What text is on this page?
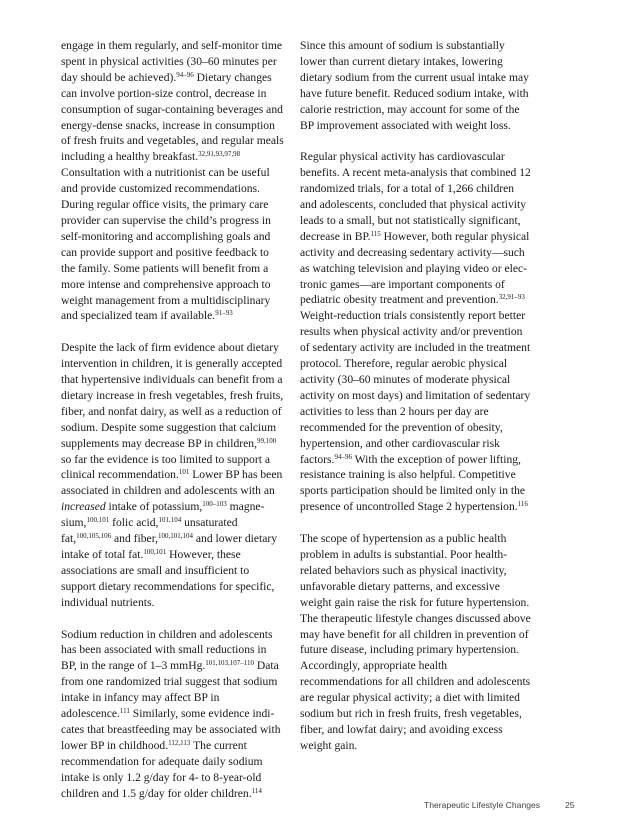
engage in them regularly, and self-monitor time spent in physical activities (30–60 minutes per day should be achieved).$^{94-96}$ Dietary changes can involve portion-size control, decrease in consumption of sugar-containing beverages and energy-dense snacks, increase in consumption of fresh fruits and vegetables, and regular meals including a healthy breakfast.$^{32,91,93,97,98}$ Consultation with a nutritionist can be useful and provide customized recommendations. During regular office visits, the primary care provider can supervise the child’s progress in self-monitoring and accomplishing goals and can provide support and positive feedback to the family. Some patients will benefit from a more intense and comprehensive approach to weight management from a multidisciplinary and specialized team if available.$^{91-93}$

Despite the lack of firm evidence about dietary intervention in children, it is generally accepted that hypertensive individuals can benefit from a dietary increase in fresh vegetables, fresh fruits, fiber, and nonfat dairy, as well as a reduction of sodium. Despite some suggestion that calcium supplements may decrease BP in children,$^{99,100}$ so far the evidence is too limited to support a clinical recommendation.$^{101}$ Lower BP has been associated in children and adolescents with an increased intake of potassium,$^{100-103}$ magnesium,$^{100,101}$ folic acid,$^{101,104}$ unsaturated fat,$^{100,105,106}$ and fiber,$^{100,101,104}$ and lower dietary intake of total fat.$^{100,101}$ However, these associations are small and insufficient to support dietary recommendations for specific, individual nutrients.

Sodium reduction in children and adolescents has been associated with small reductions in BP, in the range of 1–3 mmHg.$^{101,103,107-110}$ Data from one randomized trial suggest that sodium intake in infancy may affect BP in adolescence.$^{111}$ Similarly, some evidence indicates that breastfeeding may be associated with lower BP in childhood.$^{112,113}$ The current recommendation for adequate daily sodium intake is only 1.2 g/day for 4- to 8-year-old children and 1.5 g/day for older children.$^{114}$

Since this amount of sodium is substantially lower than current dietary intakes, lowering dietary sodium from the current usual intake may have future benefit. Reduced sodium intake, with calorie restriction, may account for some of the BP improvement associated with weight loss.

Regular physical activity has cardiovascular benefits. A recent meta-analysis that combined 12 randomized trials, for a total of 1,266 children and adolescents, concluded that physical activity leads to a small, but not statistically significant, decrease in BP.$^{115}$ However, both regular physical activity and decreasing sedentary activity—such as watching television and playing video or electronic games—are important components of pediatric obesity treatment and prevention.$^{32,91-93}$ Weight-reduction trials consistently report better results when physical activity and/or prevention of sedentary activity are included in the treatment protocol. Therefore, regular aerobic physical activity (30–60 minutes of moderate physical activity on most days) and limitation of sedentary activities to less than 2 hours per day are recommended for the prevention of obesity, hypertension, and other cardiovascular risk factors.$^{94-96}$ With the exception of power lifting, resistance training is also helpful. Competitive sports participation should be limited only in the presence of uncontrolled Stage 2 hypertension.$^{116}$

The scope of hypertension as a public health problem in adults is substantial. Poor health-related behaviors such as physical inactivity, unfavorable dietary patterns, and excessive weight gain raise the risk for future hypertension. The therapeutic lifestyle changes discussed above may have benefit for all children in prevention of future disease, including primary hypertension. Accordingly, appropriate health recommendations for all children and adolescents are regular physical activity; a diet with limited sodium but rich in fresh fruits, fresh vegetables, fiber, and lowfat dairy; and avoiding excess weight gain.

Therapeutic Lifestyle Changes	25
